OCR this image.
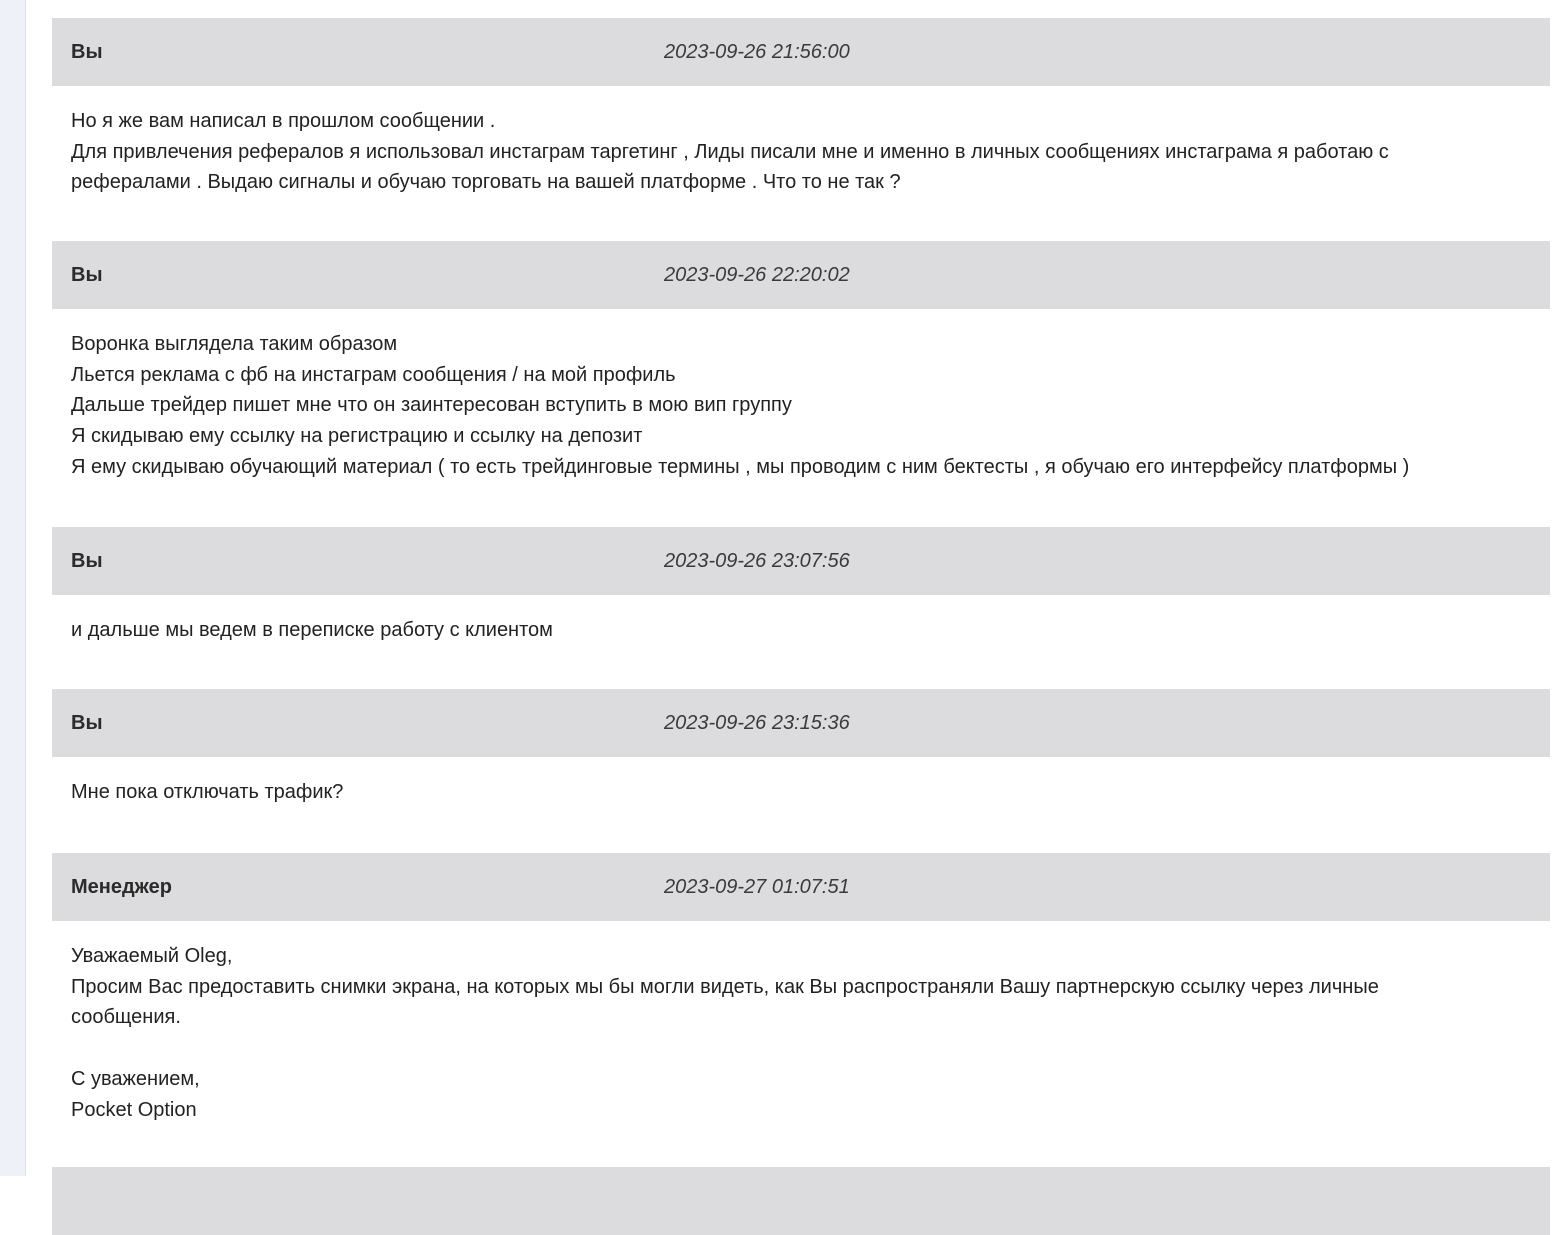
Вы	2023-09-26 21:56:00
Но я же вам написал в прошлом сообщении .
Для привлечения рефералов я использовал инстаграм таргетинг , Лиды писали мне и именно в личных сообщениях инстаграма я работаю с
рефералами . Выдаю сигналы и обучаю торговать на вашей платформе . Что то не так ?
Вы	2023-09-26 22:20:02
Воронка выглядела таким образом
Льется реклама с фб на инстаграм сообщения / на мой профиль
Дальше трейдер пишет мне что он заинтересован вступить в мою вип группу
Я скидываю ему ссылку на регистрацию и ссылку на депозит
Я ему скидываю обучающий материал ( то есть трейдинговые термины , мы проводим с ним бектесты , я обучаю его интерфейсу платформы )
Вы	2023-09-26 23:07:56
и дальше мы ведем в переписке работу с клиентом
Вы	2023-09-26 23:15:36
Мне пока отключать трафик?
Менеджер	2023-09-27 01:07:51
Уважаемый Oleg,
Просим Вас предоставить снимки экрана, на которых мы бы могли видеть, как Вы распространяли Вашу партнерскую ссылку через личные
сообщения.
С уважением,
Pocket Option
